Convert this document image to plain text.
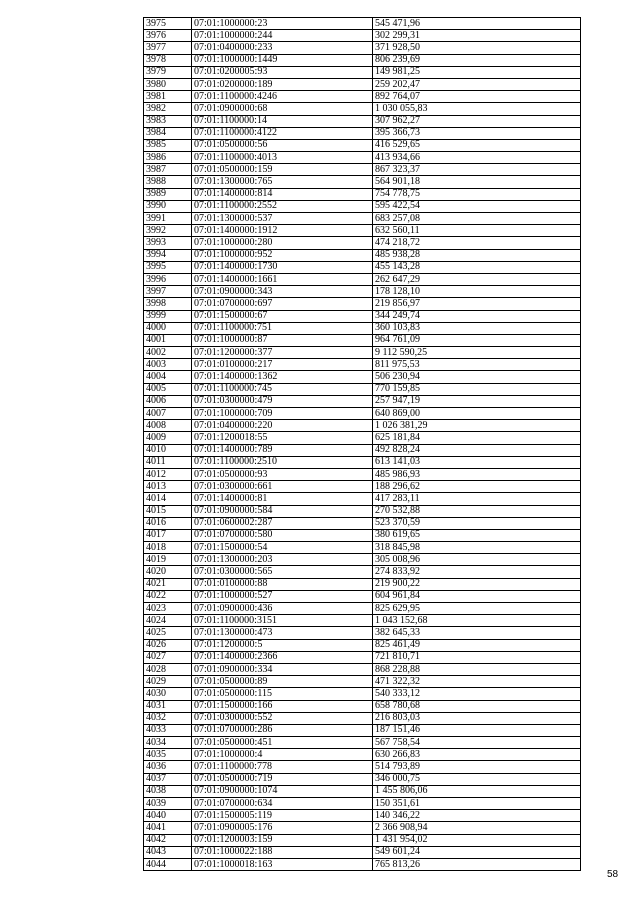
3975	07:01:1000000:23	545 471,96
3976	07:01:1000000:244	302 299,31
3977	07:01:0400000:233	371 928,50
3978	07:01:1000000:1449	806 239,69
3979	07:01:0200005:93	149 981,25
3980	07:01:0200000:189	259 202,47
3981	07:01:1100000:4246	892 764,07
3982	07:01:0900000:68	1 030 055,83
3983	07:01:1100000:14	307 962,27
3984	07:01:1100000:4122	395 366,73
3985	07:01:0500000:56	416 529,65
3986	07:01:1100000:4013	413 934,66
3987	07:01:0500000:159	867 323,37
3988	07:01:1300000:765	564 901,18
3989	07:01:1400000:814	754 778,75
3990	07:01:1100000:2552	595 422,54
3991	07:01:1300000:537	683 257,08
3992	07:01:1400000:1912	632 560,11
3993	07:01:1000000:280	474 218,72
3994	07:01:1000000:952	485 938,28
3995	07:01:1400000:1730	455 143,28
3996	07:01:1400000:1661	262 647,29
3997	07:01:0900000:343	178 128,10
3998	07:01:0700000:697	219 856,97
3999	07:01:1500000:67	344 249,74
4000	07:01:1100000:751	360 103,83
4001	07:01:1000000:87	964 761,09
4002	07:01:1200000:377	9 112 590,25
4003	07:01:0100000:217	811 975,53
4004	07:01:1400000:1362	506 230,94
4005	07:01:1100000:745	770 159,85
4006	07:01:0300000:479	257 947,19
4007	07:01:1000000:709	640 869,00
4008	07:01:0400000:220	1 026 381,29
4009	07:01:1200018:55	625 181,84
4010	07:01:1400000:789	492 828,24
4011	07:01:1100000:2510	613 141,03
4012	07:01:0500000:93	485 986,93
4013	07:01:0300000:661	188 296,62
4014	07:01:1400000:81	417 283,11
4015	07:01:0900000:584	270 532,88
4016	07:01:0600002:287	523 370,59
4017	07:01:0700000:580	380 619,65
4018	07:01:1500000:54	318 845,98
4019	07:01:1300000:203	305 008,96
4020	07:01:0300000:565	274 833,92
4021	07:01:0100000:88	219 900,22
4022	07:01:1000000:527	604 961,84
4023	07:01:0900000:436	825 629,95
4024	07:01:1100000:3151	1 043 152,68
4025	07:01:1300000:473	382 645,33
4026	07:01:1200000:5	825 461,49
4027	07:01:1400000:2366	721 810,71
4028	07:01:0900000:334	868 228,88
4029	07:01:0500000:89	471 322,32
4030	07:01:0500000:115	540 333,12
4031	07:01:1500000:166	658 780,68
4032	07:01:0300000:552	216 803,03
4033	07:01:0700000:286	187 151,46
4034	07:01:0500000:451	567 758,54
4035	07:01:1000000:4	630 266,83
4036	07:01:1100000:778	514 793,89
4037	07:01:0500000:719	346 000,75
4038	07:01:0900000:1074	1 455 806,06
4039	07:01:0700000:634	150 351,61
4040	07:01:1500005:119	140 346,22
4041	07:01:0900005:176	2 366 908,94
4042	07:01:1200003:159	1 431 954,02
4043	07:01:1000022:188	549 601,24
4044	07:01:1000018:163	765 813,26
58
